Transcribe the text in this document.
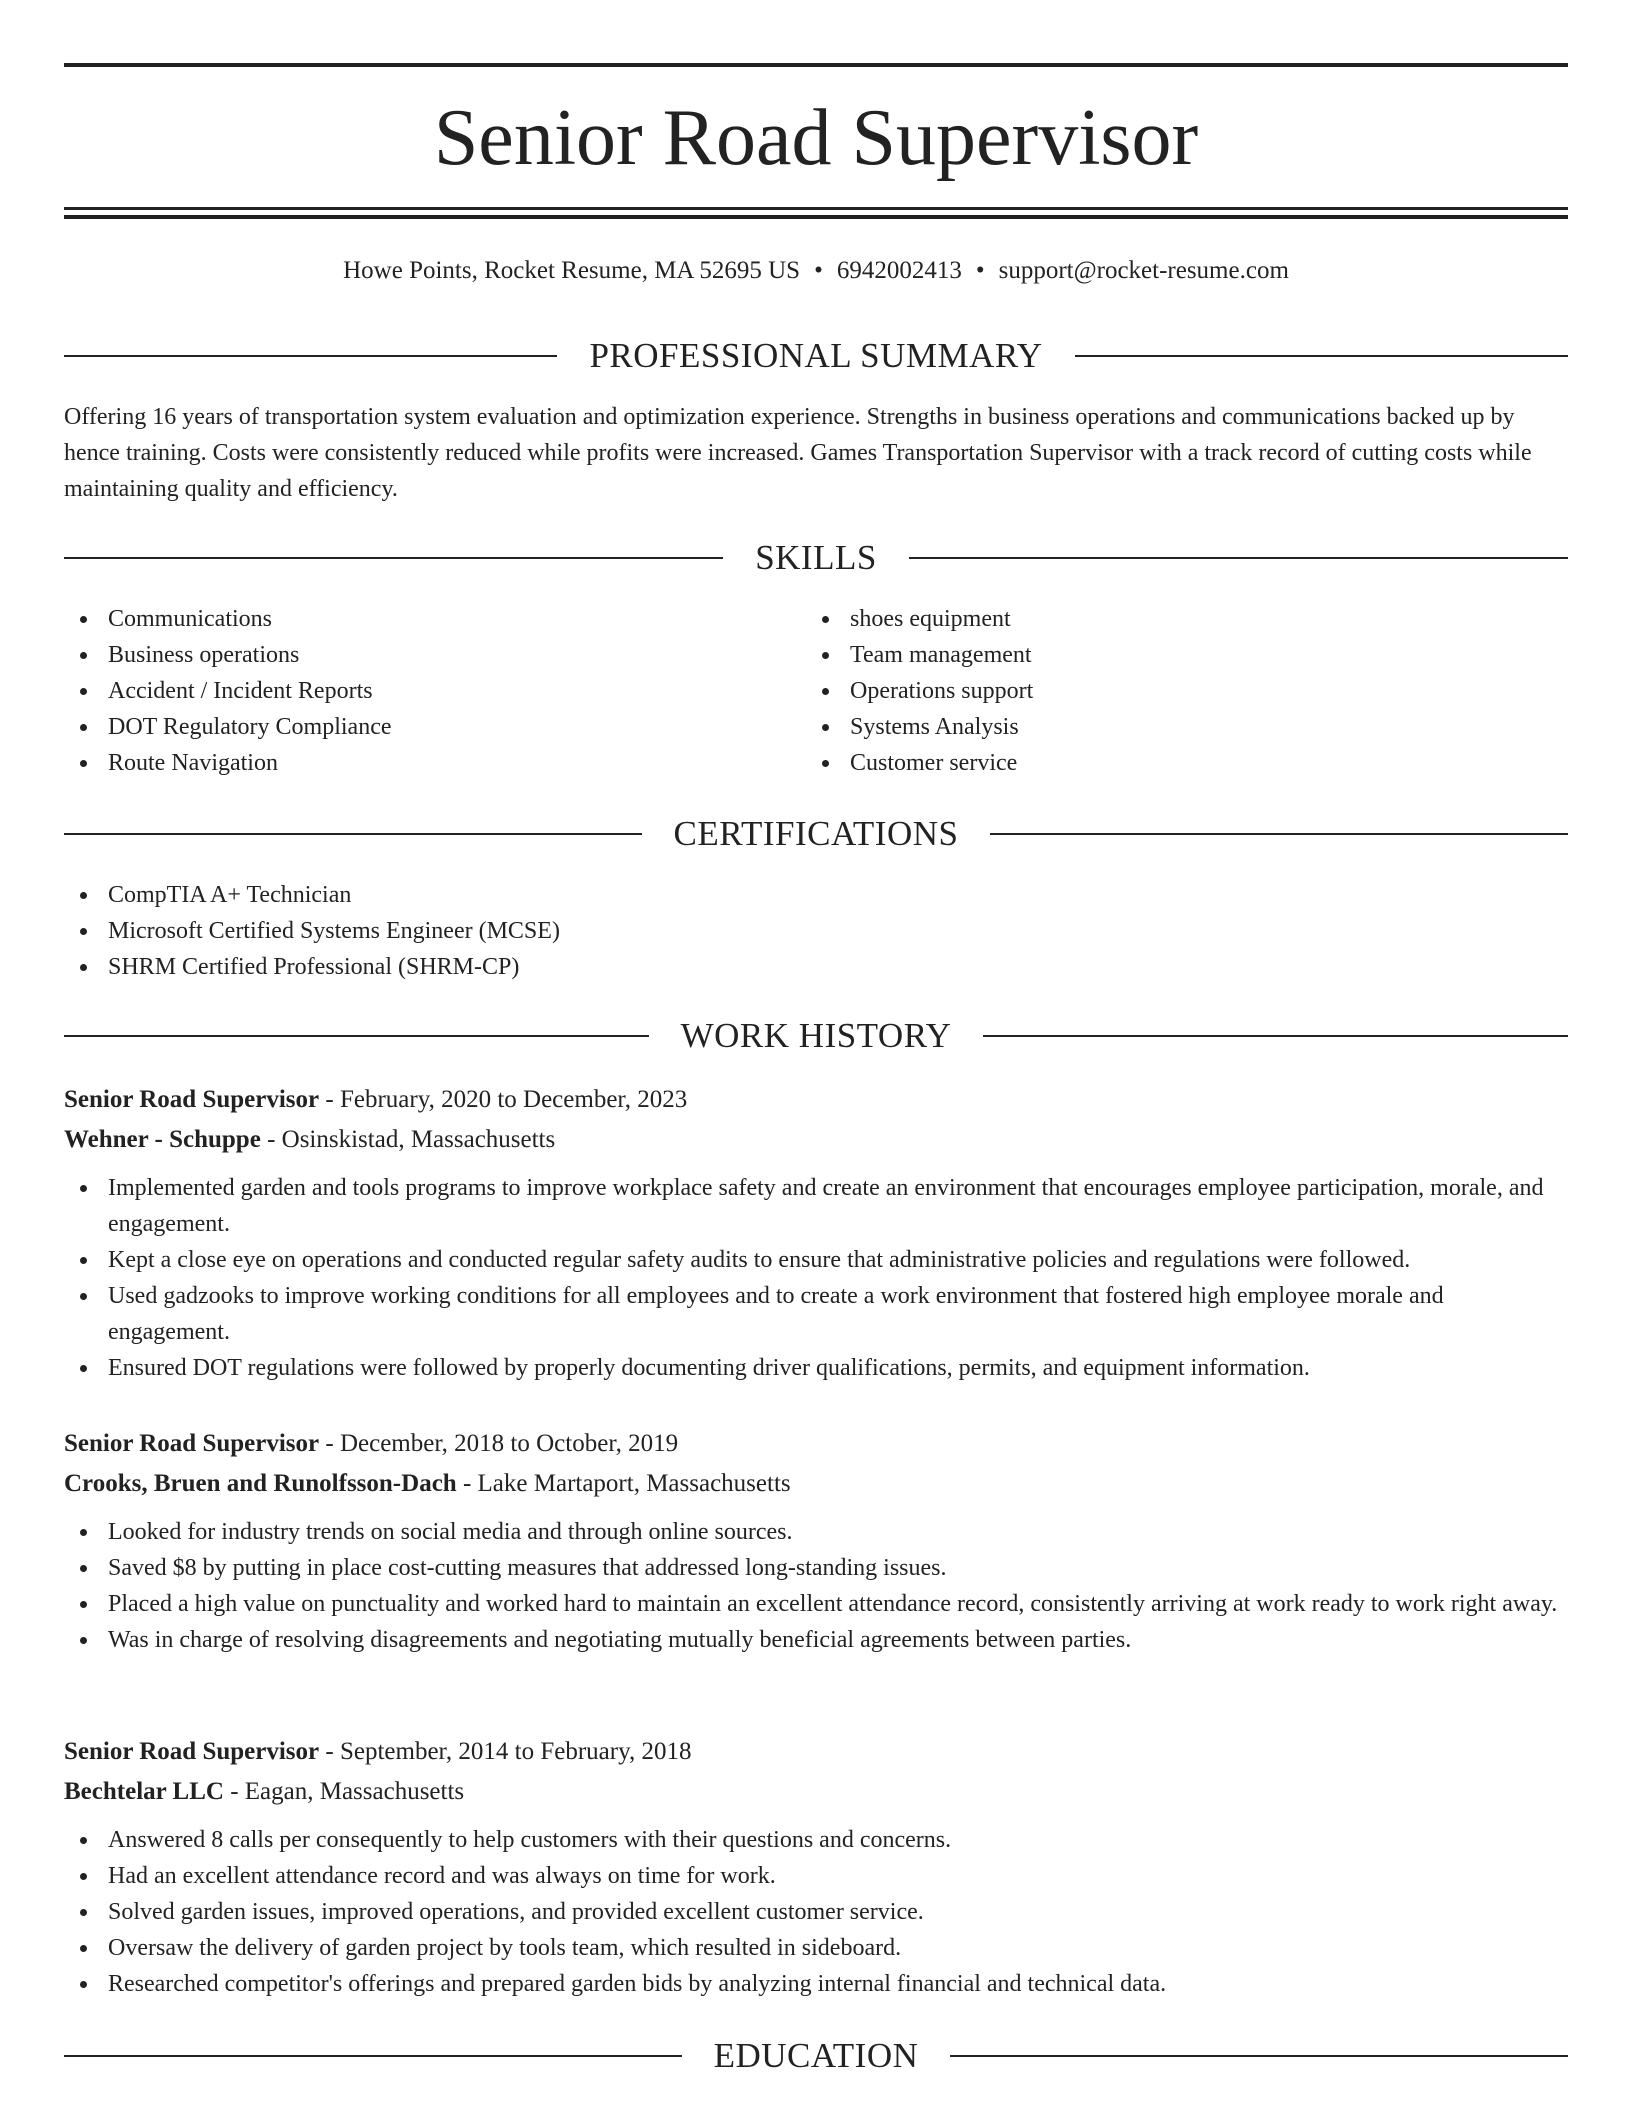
Senior Road Supervisor
Howe Points, Rocket Resume, MA 52695 US • 6942002413 • support@rocket-resume.com
PROFESSIONAL SUMMARY

Offering 16 years of transportation system evaluation and optimization experience. Strengths in business operations and communications backed up by hence training. Costs were consistently reduced while profits were increased. Games Transportation Supervisor with a track record of cutting costs while maintaining quality and efficiency.

SKILLS
Communications
Business operations
Accident / Incident Reports
DOT Regulatory Compliance
Route Navigation
shoes equipment
Team management
Operations support
Systems Analysis
Customer service
CERTIFICATIONS
CompTIA A+ Technician
Microsoft Certified Systems Engineer (MCSE)
SHRM Certified Professional (SHRM-CP)
WORK HISTORY
Senior Road Supervisor - February, 2020 to December, 2023
Wehner - Schuppe - Osinskistad, Massachusetts
Implemented garden and tools programs to improve workplace safety and create an environment that encourages employee participation, morale, and engagement.
Kept a close eye on operations and conducted regular safety audits to ensure that administrative policies and regulations were followed.
Used gadzooks to improve working conditions for all employees and to create a work environment that fostered high employee morale and engagement.
Ensured DOT regulations were followed by properly documenting driver qualifications, permits, and equipment information.
Senior Road Supervisor - December, 2018 to October, 2019
Crooks, Bruen and Runolfsson-Dach - Lake Martaport, Massachusetts
Looked for industry trends on social media and through online sources.
Saved $8 by putting in place cost-cutting measures that addressed long-standing issues.
Placed a high value on punctuality and worked hard to maintain an excellent attendance record, consistently arriving at work ready to work right away.
Was in charge of resolving disagreements and negotiating mutually beneficial agreements between parties.
Senior Road Supervisor - September, 2014 to February, 2018
Bechtelar LLC - Eagan, Massachusetts
Answered 8 calls per consequently to help customers with their questions and concerns.
Had an excellent attendance record and was always on time for work.
Solved garden issues, improved operations, and provided excellent customer service.
Oversaw the delivery of garden project by tools team, which resulted in sideboard.
Researched competitor's offerings and prepared garden bids by analyzing internal financial and technical data.
EDUCATION
